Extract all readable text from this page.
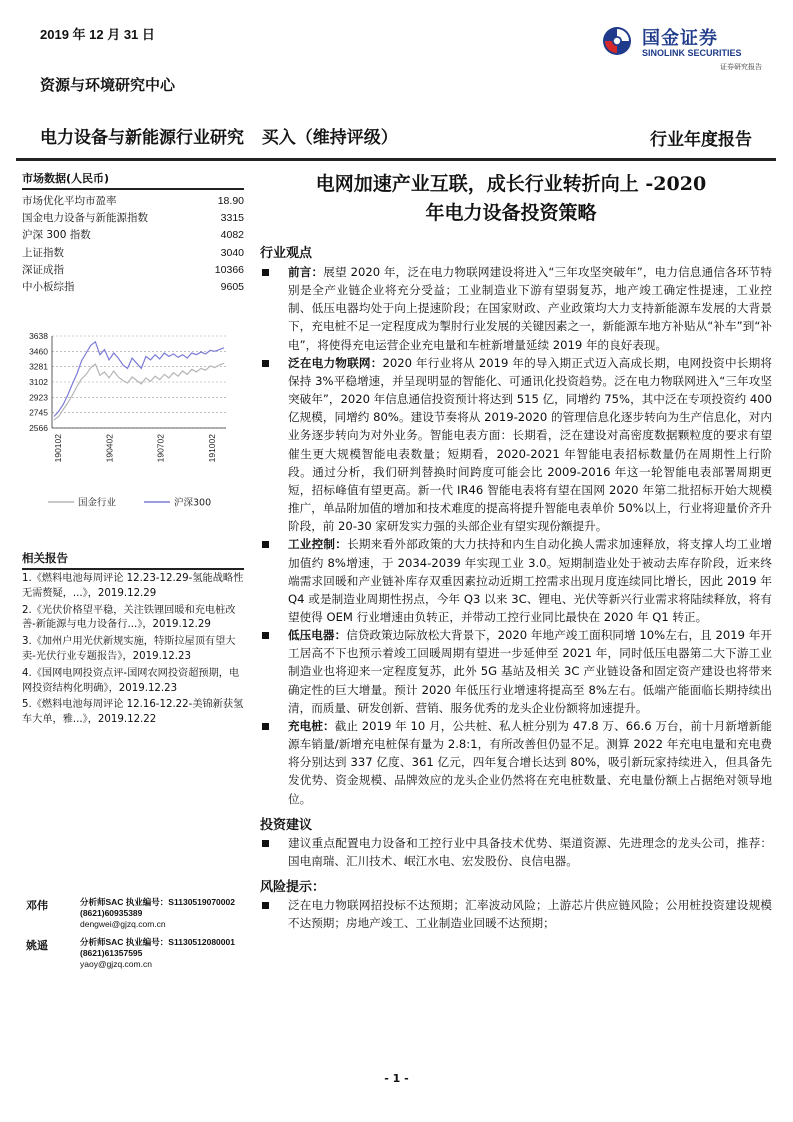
2019 年 12 月 31 日	国金证券
SINOLINK SECURITIES
证券研究报告
资源与环境研究中心
电力设备与新能源行业研究 买入（维持评级）	行业年度报告
市场数据(人民币)
市场优化平均市盈率	18.90
国金电力设备与新能源指数	3315
沪深 300 指数	4082
上证指数	3040
深证成指	10366
中小板综指	9605
3638
3460
3281
3102
2923
2745
2566
190102	190402	190702	191002
国金行业	沪深300
相关报告
1.《燃料电池每周评论 12.23-12.29-氢能战略性无需赘疑，...》，2019.12.29
2.《光伏价格望平稳，关注铁锂回暖和充电桩改善-新能源与电力设备行...》，2019.12.29
3.《加州户用光伏新规实施，特斯拉屋顶有望大卖-光伏行业专题报告》，2019.12.23
4.《国网电网投资点评-国网农网投资超预期，电网投资结构化明确》，2019.12.23
5.《燃料电池每周评论 12.16-12.22-美锦新获氢车大单，雅...》，2019.12.22
邓伟	分析师SAC 执业编号：S1130519070002
(8621)60935389
dengwei@gjzq.com.cn
姚遥	分析师SAC 执业编号：S1130512080001
(8621)61357595
yaoy@gjzq.com.cn
电网加速产业互联，成长行业转折向上 -2020
年电力设备投资策略
行业观点
前言：展望 2020 年，泛在电力物联网建设将进入“三年攻坚突破年”，电力信息通信各环节特别是全产业链企业将充分受益；工业制造业下游有望弱复苏，地产竣工确定性提速，工业控制、低压电器均处于向上提速阶段；在国家财政、产业政策均大力支持新能源车发展的大背景下，充电桩不足一定程度成为掣肘行业发展的关键因素之一，新能源车地方补贴从“补车”到“补电”，将使得充电运营企业充电量和车桩新增量延续 2019 年的良好表现。
泛在电力物联网：2020 年行业将从 2019 年的导入期正式迈入高成长期，电网投资中长期将保持 3%平稳增速，并呈现明显的智能化、可通讯化投资趋势。泛在电力物联网进入“三年攻坚突破年”，2020 年信息通信投资预计将达到 515 亿，同增约 75%，其中泛在专项投资约 400 亿规模，同增约 80%。建设节奏将从 2019-2020 的管理信息化逐步转向为生产信息化，对内业务逐步转向为对外业务。智能电表方面：长期看，泛在建设对高密度数据颗粒度的要求有望催生更大规模智能电表数量；短期看，2020-2021 年智能电表招标数量仍在周期性上行阶段。通过分析，我们研判替换时间跨度可能会比 2009-2016 年这一轮智能电表部署周期更短，招标峰值有望更高。新一代 IR46 智能电表将有望在国网 2020 年第二批招标开始大规模推广，单品附加值的增加和技术难度的提高将提升智能电表单价 50%以上，行业将迎量价齐升阶段，前 20-30 家研发实力强的头部企业有望实现份额提升。
工业控制：长期来看外部政策的大力扶持和内生自动化换人需求加速释放，将支撑人均工业增加值约 8%增速，于 2034-2039 年实现工业 3.0。短期制造业处于被动去库存阶段，近来终端需求回暖和产业链补库存双重因素拉动近期工控需求出现月度连续同比增长，因此 2019 年 Q4 或是制造业周期性拐点，今年 Q3 以来 3C、锂电、光伏等新兴行业需求将陆续释放，将有望使得 OEM 行业增速由负转正，并带动工控行业同比最快在 2020 年 Q1 转正。
低压电器：信贷政策边际放松大背景下，2020 年地产竣工面积同增 10%左右，且 2019 年开工居高不下也预示着竣工回暖周期有望进一步延伸至 2021 年，同时低压电器第二大下游工业制造业也将迎来一定程度复苏，此外 5G 基站及相关 3C 产业链设备和固定资产建设也将带来确定性的巨大增量。预计 2020 年低压行业增速将提高至 8%左右。低端产能面临长期持续出清，而质量、研发创新、营销、服务优秀的龙头企业份额将加速提升。
充电桩：截止 2019 年 10 月，公共桩、私人桩分别为 47.8 万、66.6 万台，前十月新增新能源车销量/新增充电桩保有量为 2.8:1，有所改善但仍显不足。测算 2022 年充电电量和充电费将分别达到 337 亿度、361 亿元，四年复合增长达到 80%，吸引新玩家持续进入，但具备先发优势、资金规模、品牌效应的龙头企业仍然将在充电桩数量、充电量份额上占据绝对领导地位。
投资建议
建议重点配置电力设备和工控行业中具备技术优势、渠道资源、先进理念的龙头公司，推荐：国电南瑞、汇川技术、岷江水电、宏发股份、良信电器。
风险提示：
泛在电力物联网招投标不达预期；汇率波动风险；上游芯片供应链风险；公用桩投资建设规模不达预期；房地产竣工、工业制造业回暖不达预期；
- 1 -
